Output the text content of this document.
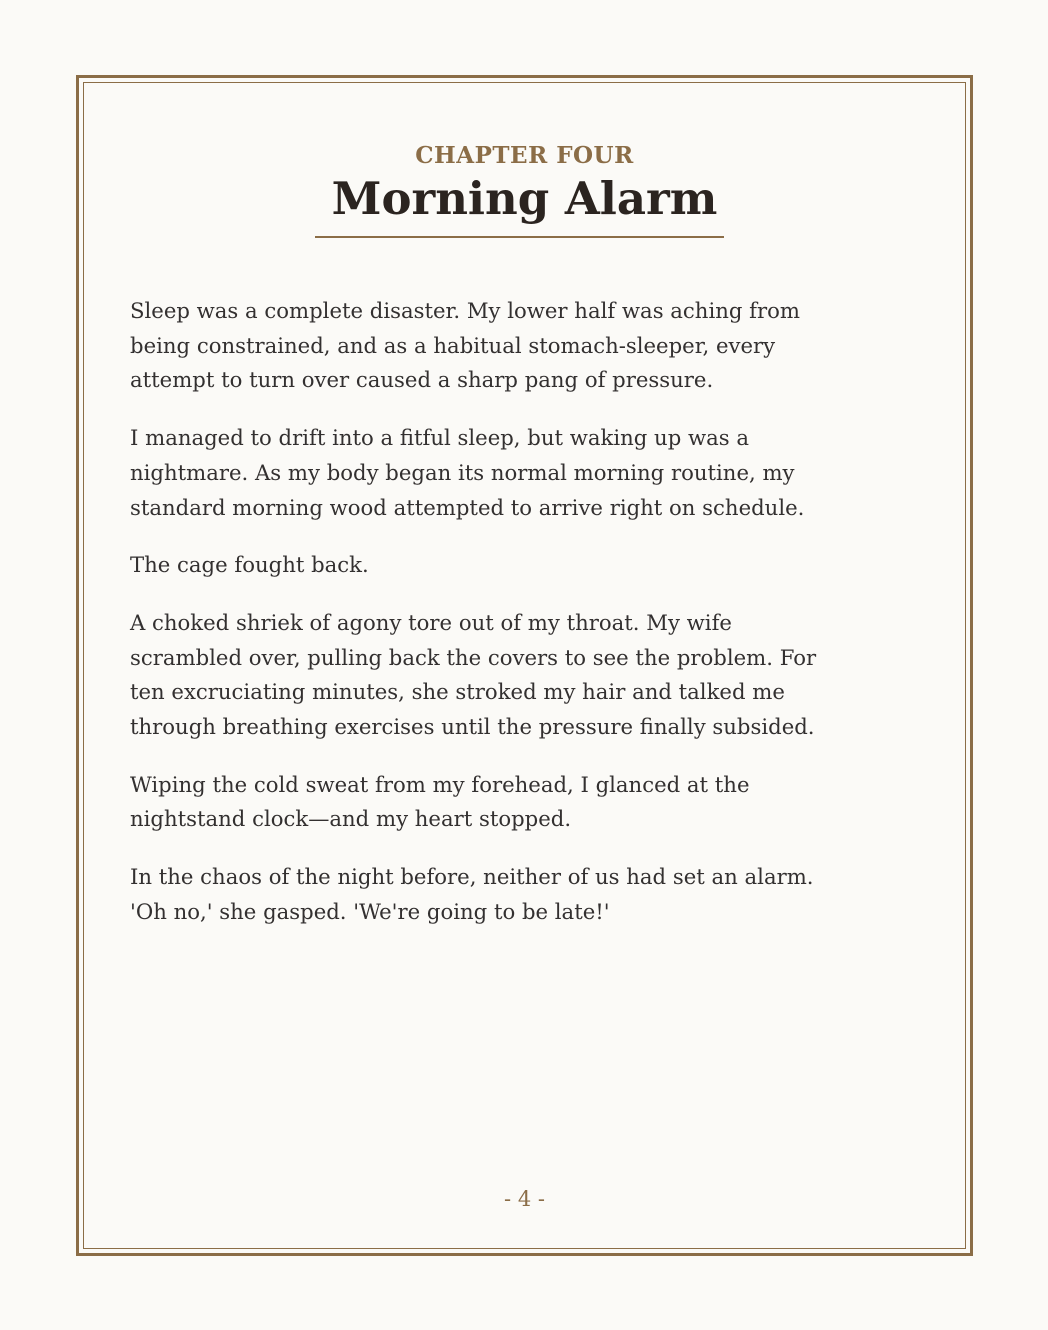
CHAPTER FOUR
Morning Alarm

Sleep was a complete disaster. My lower half was aching from being constrained, and as a habitual stomach-sleeper, every attempt to turn over caused a sharp pang of pressure.

I managed to drift into a fitful sleep, but waking up was a nightmare. As my body began its normal morning routine, my standard morning wood attempted to arrive right on schedule.

The cage fought back.

A choked shriek of agony tore out of my throat. My wife scrambled over, pulling back the covers to see the problem. For ten excruciating minutes, she stroked my hair and talked me through breathing exercises until the pressure finally subsided.

Wiping the cold sweat from my forehead, I glanced at the nightstand clock—and my heart stopped.

In the chaos of the night before, neither of us had set an alarm. 'Oh no,' she gasped. 'We're going to be late!'

- 4 -
